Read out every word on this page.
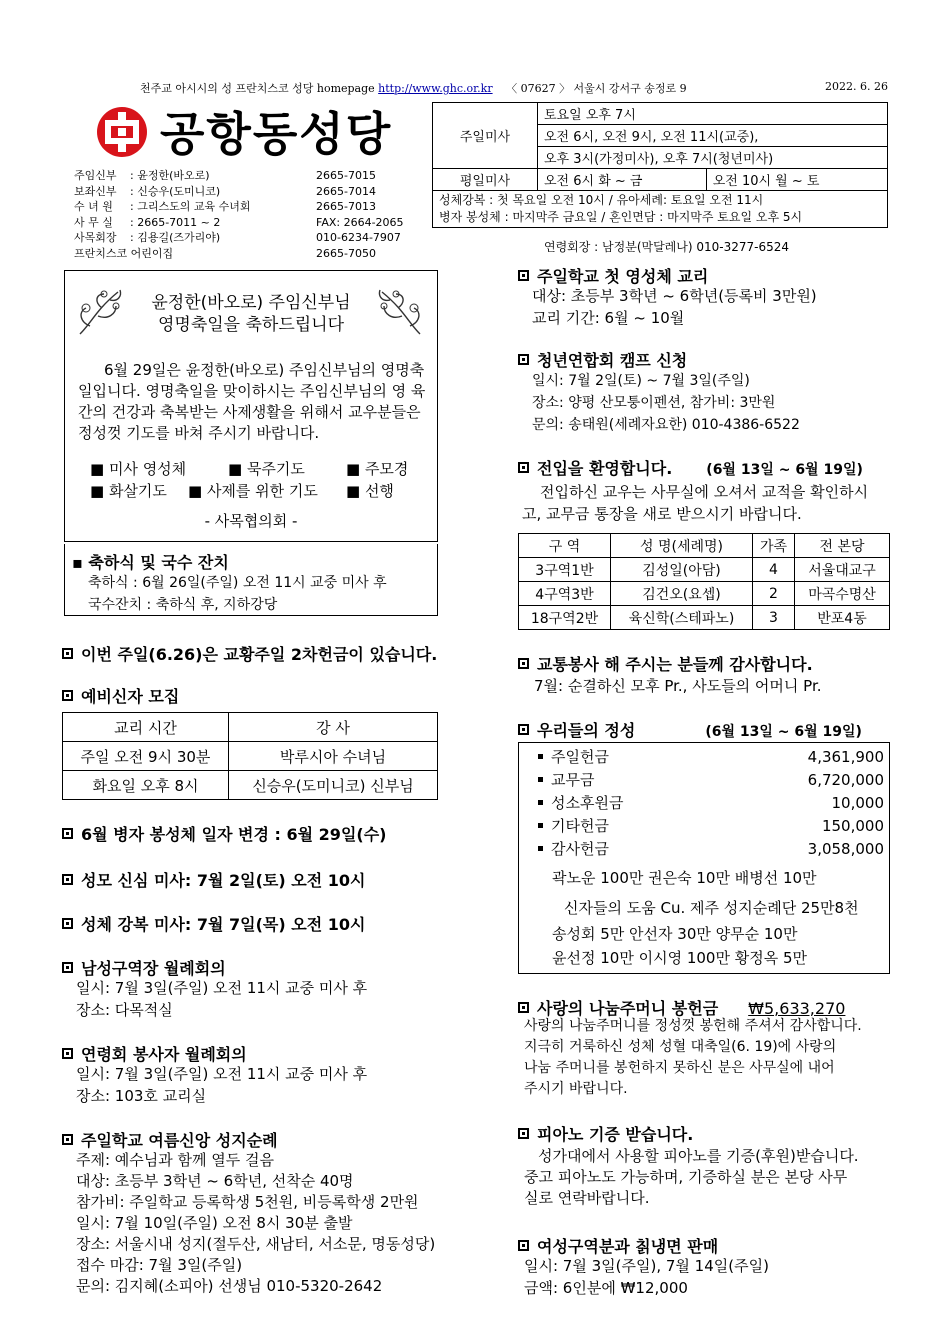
천주교 아시시의 성 프란치스코 성당 homepage http://www.ghc.or.kr 〈 07627 〉 서울시 강서구 송정로 9	2022. 6. 26
공항동성당
주임신부	: 윤정한(바오로)	2665-7015
보좌신부	: 신승우(도미니코)	2665-7014
수 녀 원	: 그리스도의 교육 수녀회	2665-7013
사 무 실	: 2665-7011 ~ 2	FAX: 2664-2065
사목회장	: 김용길(즈가리야)	010-6234-7907
프란치스코 어린이집	2665-7050
주일미사	토요일 오후 7시	
	오전 6시, 오전 9시, 오전 11시(교중),	
	오후 3시(가정미사), 오후 7시(청년미사)	
평일미사	오전 6시 화 ~ 금	오전 10시 월 ~ 토

성체강복 : 첫 목요일 오전 10시 / 유아세례: 토요일 오전 11시
병자 봉성체 : 마지막주 금요일 / 혼인면담 : 마지막주 토요일 오후 5시		
연령회장 : 남정분(막달레나) 010-3277-6524
윤정한(바오로) 주임신부님
영명축일을 축하드립니다
6월 29일은 윤정한(바오로) 주임신부님의 영명축일입니다. 영명축일을 맞이하시는 주임신부님의 영 육간의 건강과 축복받는 사제생활을 위해서 교우분들은 정성껏 기도를 바쳐 주시기 바랍니다.
■ 미사 영성체	■ 묵주기도	■ 주모경
■ 화살기도 ■ 사제를 위한 기도	■ 선행
- 사목협의회 -
▪ 축하식 및 국수 잔치
축하식 : 6월 26일(주일) 오전 11시 교중 미사 후
국수잔치 : 축하식 후, 지하강당
이번 주일(6.26)은 교황주일 2차헌금이 있습니다.
예비신자 모집
교리 시간	강 사
주일 오전 9시 30분	박루시아 수녀님
화요일 오후 8시	신승우(도미니코) 신부님
6월 병자 봉성체 일자 변경 : 6월 29일(수)
성모 신심 미사: 7월 2일(토) 오전 10시
성체 강복 미사: 7월 7일(목) 오전 10시
남성구역장 월례회의
일시: 7월 3일(주일) 오전 11시 교중 미사 후
장소: 다목적실
연령회 봉사자 월례회의
일시: 7월 3일(주일) 오전 11시 교중 미사 후
장소: 103호 교리실
주일학교 여름신앙 성지순례
주제: 예수님과 함께 열두 걸음
대상: 초등부 3학년 ~ 6학년, 선착순 40명
참가비: 주일학교 등록학생 5천원, 비등록학생 2만원
일시: 7월 10일(주일) 오전 8시 30분 출발
장소: 서울시내 성지(절두산, 새남터, 서소문, 명동성당)
접수 마감: 7월 3일(주일)
문의: 김지혜(소피아) 선생님 010-5320-2642
주일학교 첫 영성체 교리
대상: 초등부 3학년 ~ 6학년(등록비 3만원)
교리 기간: 6월 ~ 10월
청년연합회 캠프 신청
일시: 7월 2일(토) ~ 7월 3일(주일)
장소: 양평 산모퉁이펜션, 참가비: 3만원
문의: 송태원(세례자요한) 010-4386-6522
전입을 환영합니다. (6월 13일 ~ 6월 19일)
전입하신 교우는 사무실에 오셔서 교적을 확인하시
고, 교무금 통장을 새로 받으시기 바랍니다.
구 역	성 명(세례명)	가족	전 본당
3구역1반	김성일(아담)	4	서울대교구
4구역3반	김건오(요셉)	2	마곡수명산
18구역2반	육신학(스테파노)	3	반포4동
교통봉사 해 주시는 분들께 감사합니다.
7월: 순결하신 모후 Pr., 사도들의 어머니 Pr.
우리들의 정성	(6월 13일 ~ 6월 19일)
주일헌금	4,361,900
교무금	6,720,000
성소후원금	10,000
기타헌금	150,000
감사헌금	3,058,000
곽노운 100만 권은숙 10만 배병선 10만
신자들의 도움 Cu. 제주 성지순례단 25만8천
송성회 5만 안선자 30만 양무순 10만
윤선정 10만 이시영 100만 황정옥 5만
사랑의 나눔주머니 봉헌금 ₩5,633,270
사랑의 나눔주머니를 정성껏 봉헌해 주셔서 감사합니다.
지극히 거룩하신 성체 성혈 대축일(6. 19)에 사랑의
나눔 주머니를 봉헌하지 못하신 분은 사무실에 내어
주시기 바랍니다.
피아노 기증 받습니다.
성가대에서 사용할 피아노를 기증(후원)받습니다.
중고 피아노도 가능하며, 기증하실 분은 본당 사무
실로 연락바랍니다.
여성구역분과 칡냉면 판매
일시: 7월 3일(주일), 7월 14일(주일)
금액: 6인분에 ₩12,000
